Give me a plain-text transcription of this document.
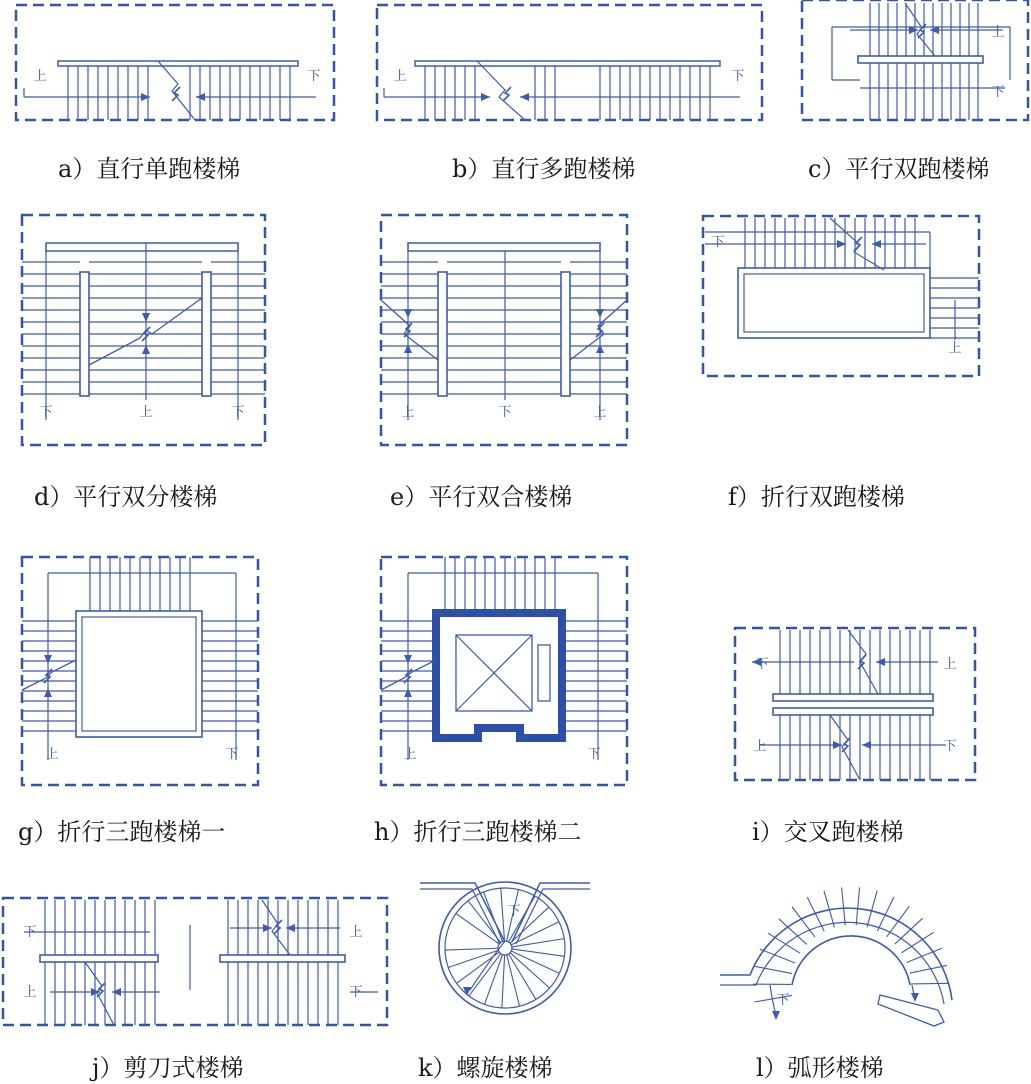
上	下	上	下
上
下
上
下	下	上	下	上
下
上
上	下	上	下
下	上
上	下
下
上
上
下
下
下
a）直行单跑楼梯	b）直行多跑楼梯	c）平行双跑楼梯
d）平行双分楼梯	e）平行双合楼梯	f）折行双跑楼梯
g）折行三跑楼梯一	h）折行三跑楼梯二	i）交叉跑楼梯
j）剪刀式楼梯	k）螺旋楼梯	l）弧形楼梯
